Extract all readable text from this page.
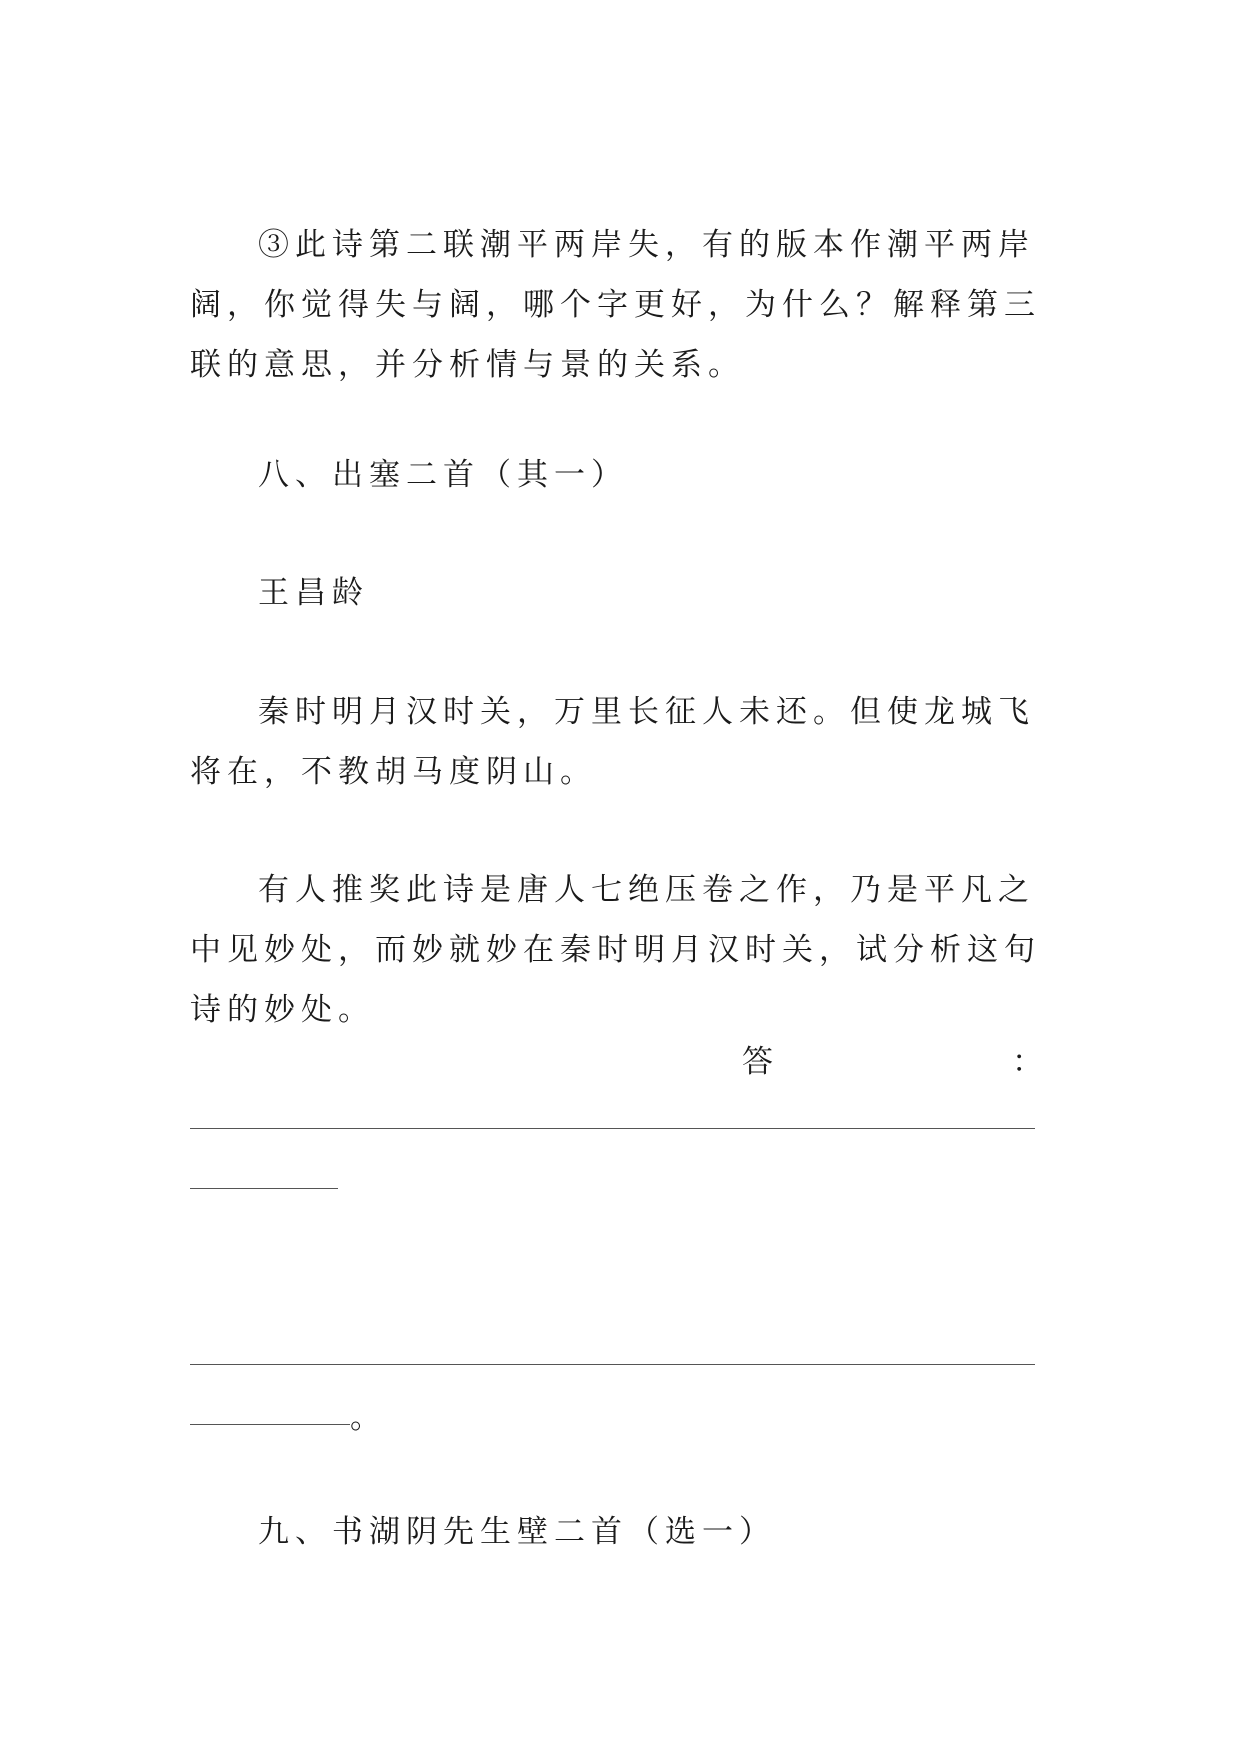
③此诗第二联潮平两岸失，有的版本作潮平两岸阔，你觉得失与阔，哪个字更好，为什么？解释第三联的意思，并分析情与景的关系。
八、出塞二首（其一）
王昌龄
秦时明月汉时关，万里长征人未还。但使龙城飞将在，不教胡马度阴山。
有人推奖此诗是唐人七绝压卷之作，乃是平凡之中见妙处，而妙就妙在秦时明月汉时关，试分析这句诗的妙处。
答	：
。
九、书湖阴先生壁二首（选一）
